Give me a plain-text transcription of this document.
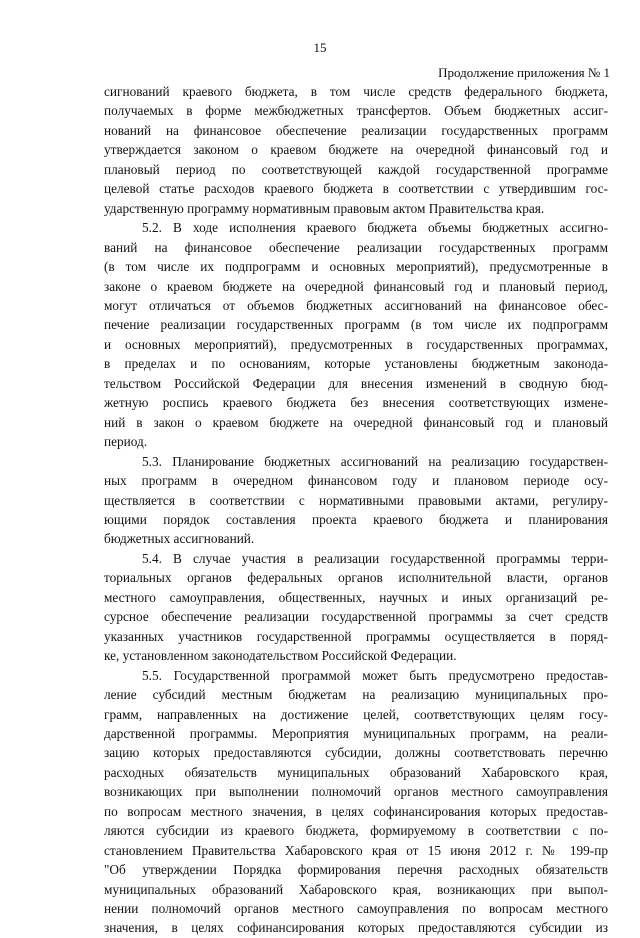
15
Продолжение приложения № 1
сигнований краевого бюджета, в том числе средств федерального бюджета,
получаемых в форме межбюджетных трансфертов. Объем бюджетных ассиг-
нований на финансовое обеспечение реализации государственных программ
утверждается законом о краевом бюджете на очередной финансовый год и
плановый период по соответствующей каждой государственной программе
целевой статье расходов краевого бюджета в соответствии с утвердившим гос-
ударственную программу нормативным правовым актом Правительства края.
5.2. В ходе исполнения краевого бюджета объемы бюджетных ассигно-
ваний на финансовое обеспечение реализации государственных программ
(в том числе их подпрограмм и основных мероприятий), предусмотренные в
законе о краевом бюджете на очередной финансовый год и плановый период,
могут отличаться от объемов бюджетных ассигнований на финансовое обес-
печение реализации государственных программ (в том числе их подпрограмм
и основных мероприятий), предусмотренных в государственных программах,
в пределах и по основаниям, которые установлены бюджетным законода-
тельством Российской Федерации для внесения изменений в сводную бюд-
жетную роспись краевого бюджета без внесения соответствующих измене-
ний в закон о краевом бюджете на очередной финансовый год и плановый
период.
5.3. Планирование бюджетных ассигнований на реализацию государствен-
ных программ в очередном финансовом году и плановом периоде осу-
ществляется в соответствии с нормативными правовыми актами, регулиру-
ющими порядок составления проекта краевого бюджета и планирования
бюджетных ассигнований.
5.4. В случае участия в реализации государственной программы терри-
ториальных органов федеральных органов исполнительной власти, органов
местного самоуправления, общественных, научных и иных организаций ре-
сурсное обеспечение реализации государственной программы за счет средств
указанных участников государственной программы осуществляется в поряд-
ке, установленном законодательством Российской Федерации.
5.5. Государственной программой может быть предусмотрено предостав-
ление субсидий местным бюджетам на реализацию муниципальных про-
грамм, направленных на достижение целей, соответствующих целям госу-
дарственной программы. Мероприятия муниципальных программ, на реали-
зацию которых предоставляются субсидии, должны соответствовать перечню
расходных обязательств муниципальных образований Хабаровского края,
возникающих при выполнении полномочий органов местного самоуправления
по вопросам местного значения, в целях софинансирования которых предостав-
ляются субсидии из краевого бюджета, формируемому в соответствии с по-
становлением Правительства Хабаровского края от 15 июня 2012 г. № 199-пр
"Об утверждении Порядка формирования перечня расходных обязательств
муниципальных образований Хабаровского края, возникающих при выпол-
нении полномочий органов местного самоуправления по вопросам местного
значения, в целях софинансирования которых предоставляются субсидии из
